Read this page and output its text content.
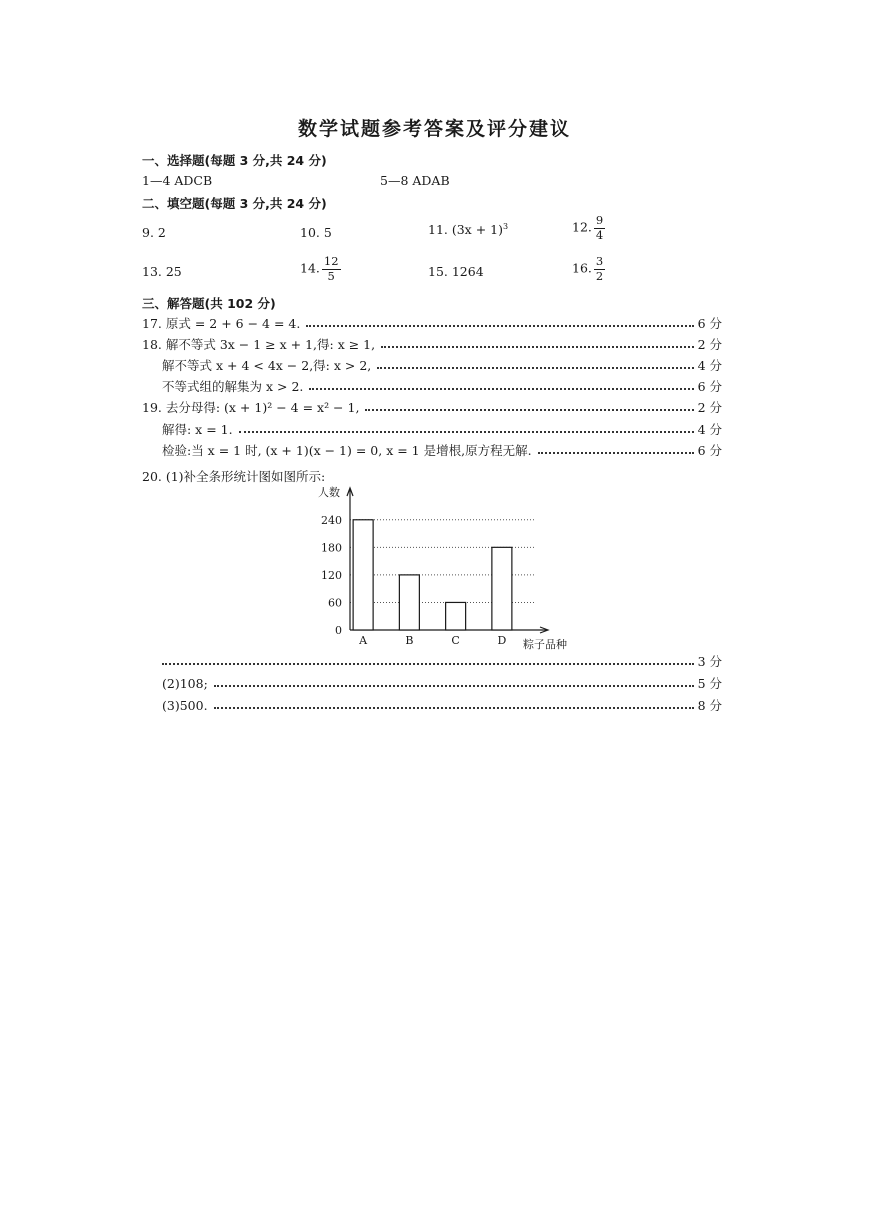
数学试题参考答案及评分建议
一、选择题(每题 3 分,共 24 分)
1—4 ADCB	5—8 ADAB
二、填空题(每题 3 分,共 24 分)
9. 2	10. 5	11. $(3x + 1)^3$	12. $\frac{9}{4}$
13. 25	14. $\frac{12}{5}$	15. 1264	16. $\frac{3}{2}$
三、解答题(共 102 分)
17. 原式 = 2 + 6 − 4 = 4.	6 分
18. 解不等式 3x − 1 ≥ x + 1,得: x ≥ 1,	2 分
解不等式 x + 4 < 4x − 2,得: x > 2,	4 分
不等式组的解集为 x > 2.	6 分
19. 去分母得: (x + 1)² − 4 = x² − 1,	2 分
解得: x = 1.	4 分
检验:当 x = 1 时, (x + 1)(x − 1) = 0, x = 1 是增根,原方程无解.	6 分
20. (1)补全条形统计图如图所示:
0
60
120
180
240
人数
A	B	C	D 粽子品种
3 分
(2)108;	5 分
(3)500.	8 分
